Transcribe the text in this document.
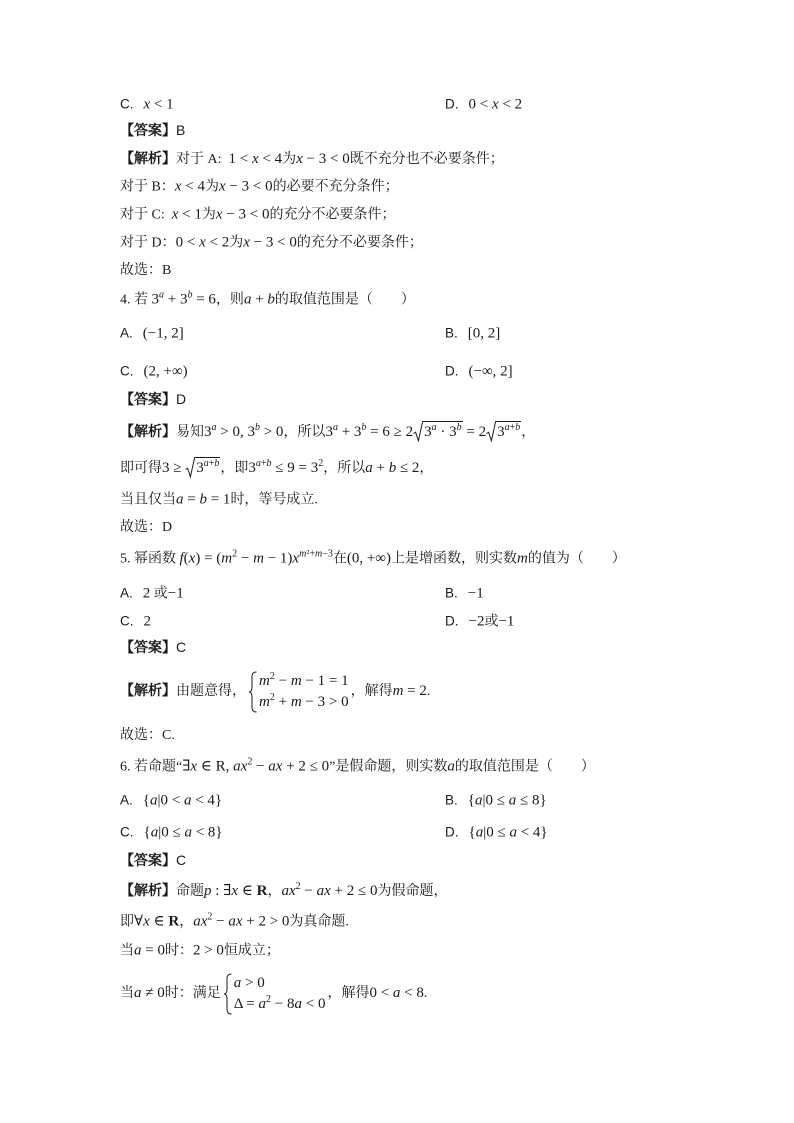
C. x < 1	D. 0 < x < 2
【答案】B
【解析】对于 A:  1 < x < 4为x − 3 < 0既不充分也不必要条件；
对于 B：x < 4为x − 3 < 0的必要不充分条件；
对于 C:  x < 1为x − 3 < 0的充分不必要条件；
对于 D：0 < x < 2为x − 3 < 0的充分不必要条件；
故选：B
4. 若 $3^a + 3^b = 6$，则a + b的取值范围是（　　）
A. (−1, 2]	B. [0, 2]
C. (2, +∞)	D. (−∞, 2]
【答案】D
【解析】易知$3^a > 0$, $3^b > 0$，所以$3^a + 3^b = 6 \ge 2$ $3^a \cdot 3^b = 2$ $3^{a+b}$，
即可得$3 \ge 3^{a+b}$，即$3^{a+b} \le 9 = 3^2$，所以a + b ≤ 2，
当且仅当a = b = 1时，等号成立.
故选：D
5. 幂函数 $f(x) = (m^2 - m - 1)x^{m^2+m-3}$在(0, +∞)上是增函数，则实数m的值为（　　）
A. 2 或−1	B. −1
C. 2	D. −2或−1
【答案】C
【解析】由题意得，
$m^2 - m - 1 = 1$
$m^2 + m - 3 > 0$
，解得m = 2.
故选：C.
6. 若命题“∃x ∈ R, $ax^2$ − ax + 2 ≤ 0”是假命题，则实数a的取值范围是（　　）
A. {a|0 < a < 4}	B. {a|0 ≤ a ≤ 8}
C. {a|0 ≤ a < 8}	D. {a|0 ≤ a < 4}
【答案】C
【解析】命题p : ∃x ∈ R，$ax^2$ − ax + 2 ≤ 0为假命题，
即∀x ∈ R，$ax^2$ − ax + 2 > 0为真命题.
当a = 0时：2 > 0恒成立；
当a ≠ 0时：满足
a > 0
$\Delta = a^2 - 8a < 0$
，解得0 < a < 8.
